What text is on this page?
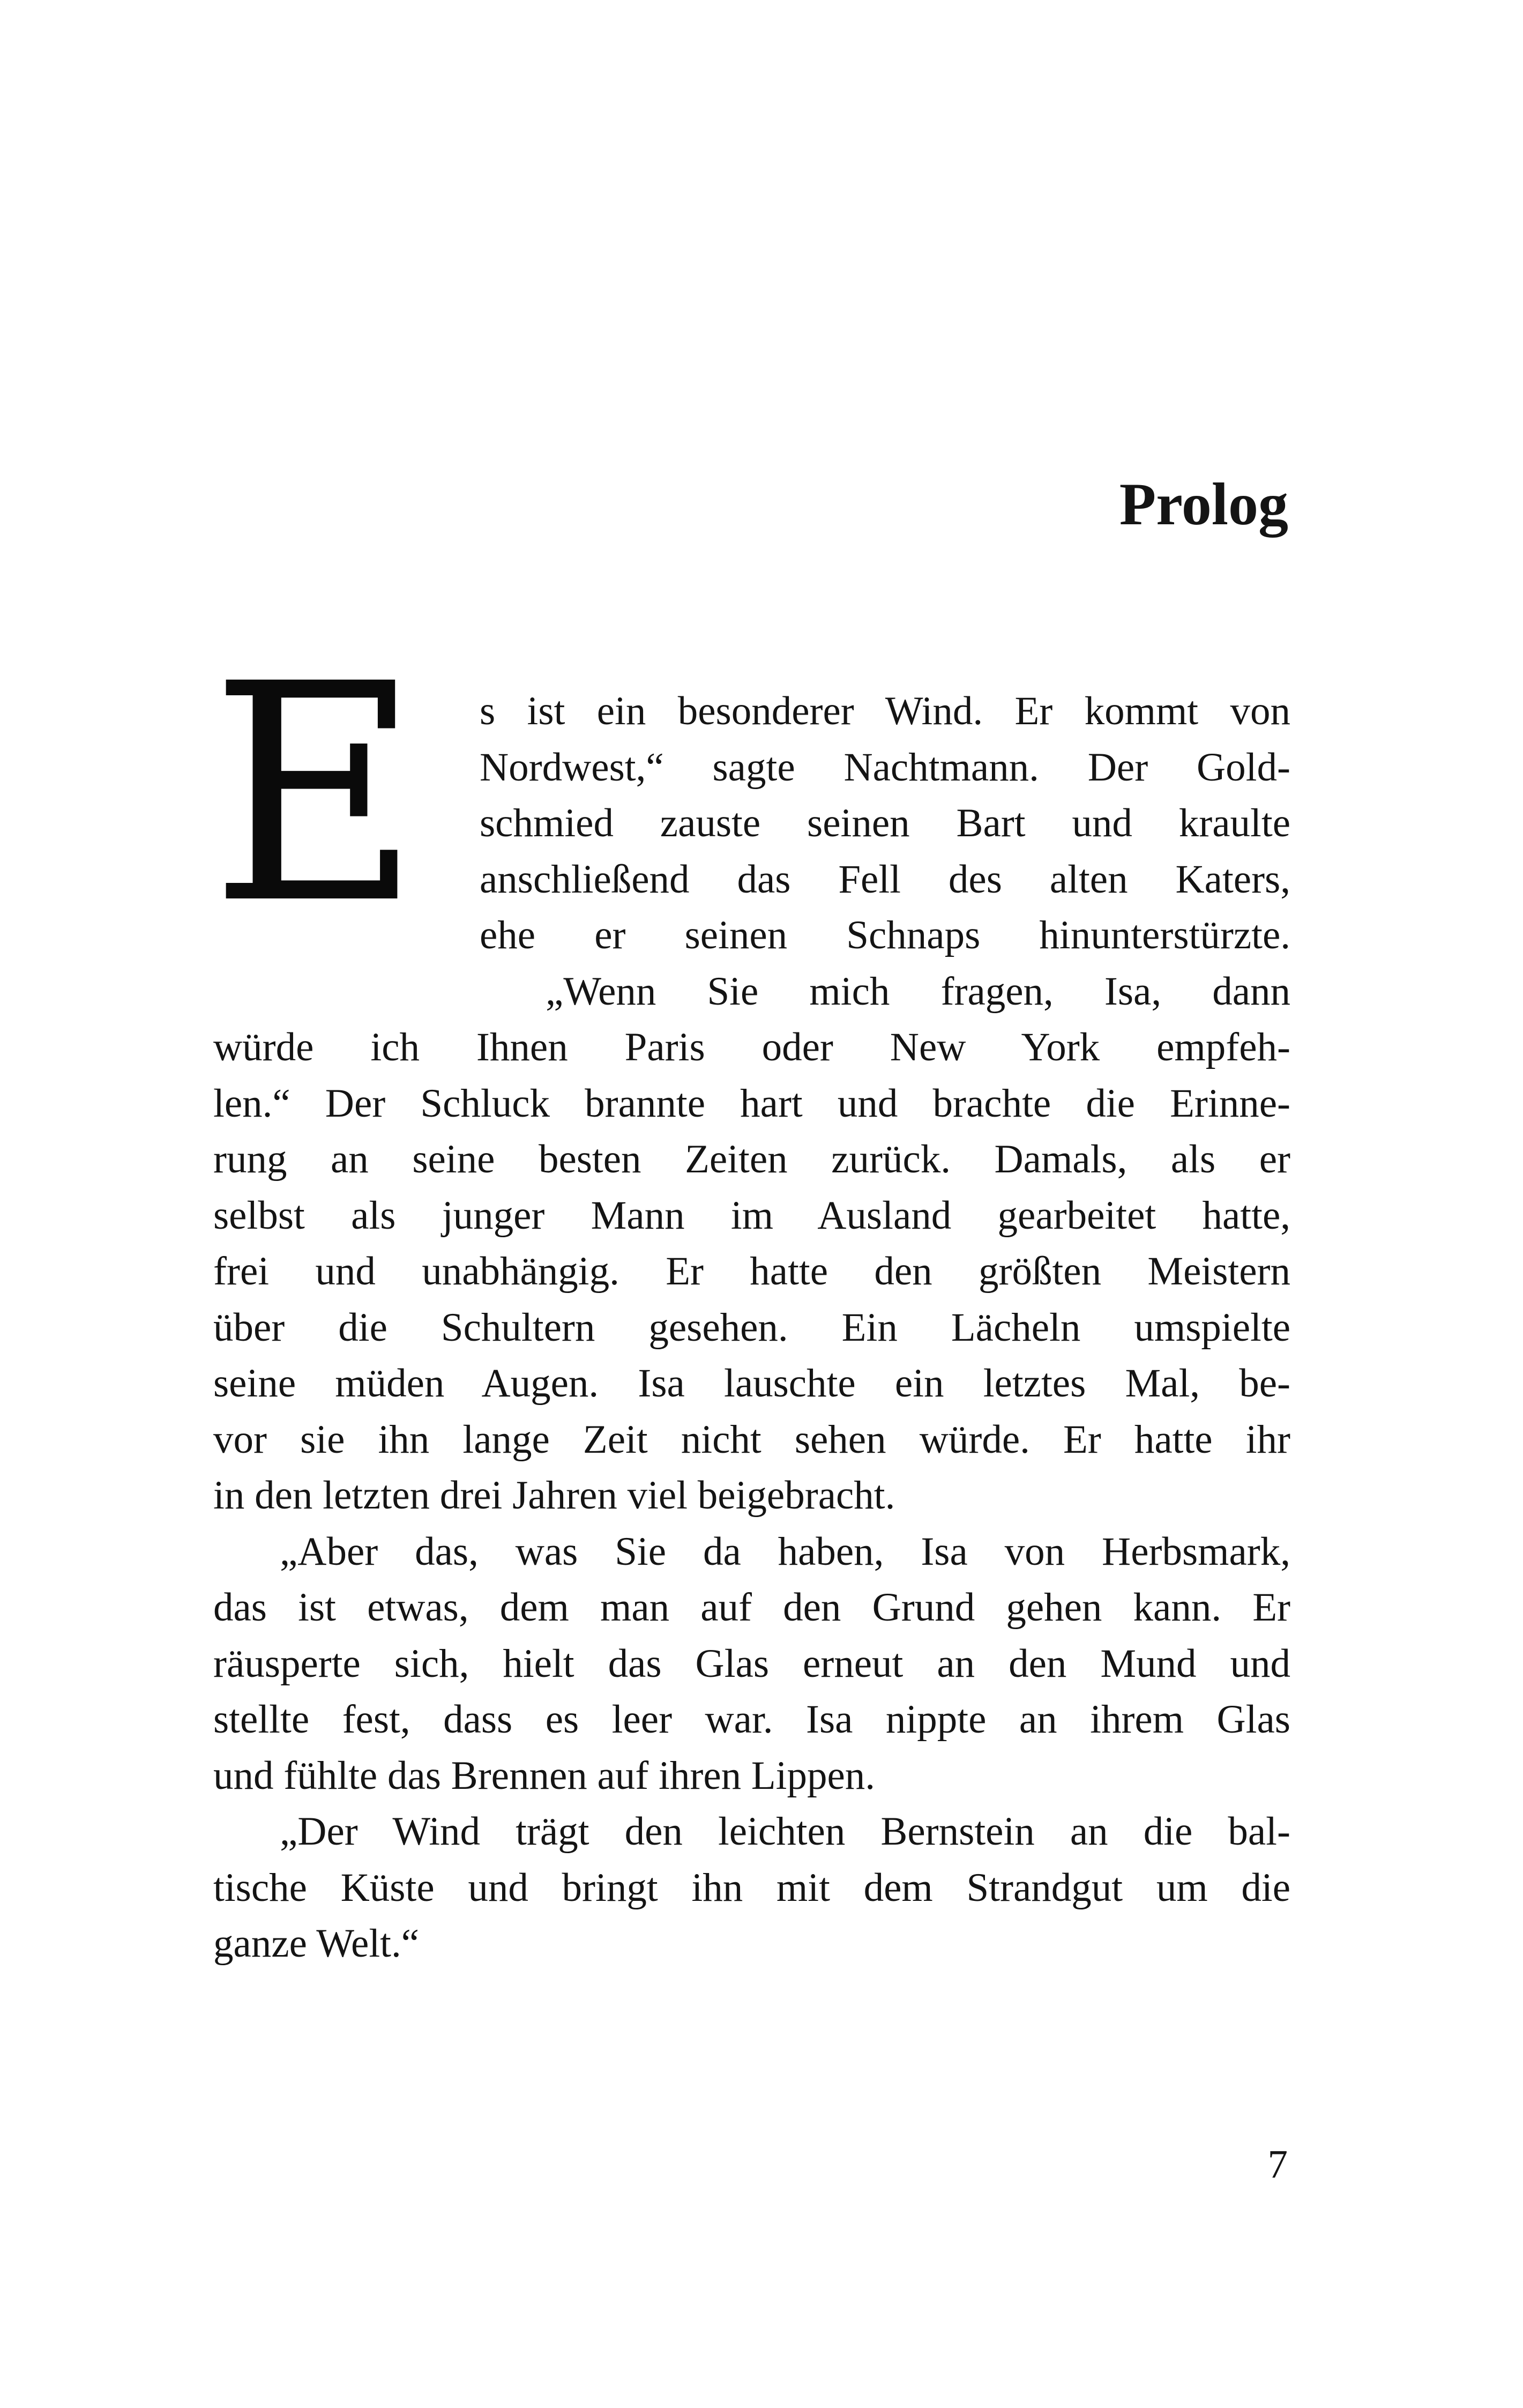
Prolog
E s ist ein besonderer Wind. Er kommt von
Nordwest,“ sagte Nachtmann. Der Gold-
schmied zauste seinen Bart und kraulte
anschließend das Fell des alten Katers,
ehe er seinen Schnaps hinunterstürzte.
„Wenn Sie mich fragen, Isa, dann
würde ich Ihnen Paris oder New York empfeh-
len.“ Der Schluck brannte hart und brachte die Erinne-
rung an seine besten Zeiten zurück. Damals, als er
selbst als junger Mann im Ausland gearbeitet hatte,
frei und unabhängig. Er hatte den größten Meistern
über die Schultern gesehen. Ein Lächeln umspielte
seine müden Augen. Isa lauschte ein letztes Mal, be-
vor sie ihn lange Zeit nicht sehen würde. Er hatte ihr
in den letzten drei Jahren viel beigebracht.
„Aber das, was Sie da haben, Isa von Herbsmark,
das ist etwas, dem man auf den Grund gehen kann. Er
räusperte sich, hielt das Glas erneut an den Mund und
stellte fest, dass es leer war. Isa nippte an ihrem Glas
und fühlte das Brennen auf ihren Lippen.
„Der Wind trägt den leichten Bernstein an die bal-
tische Küste und bringt ihn mit dem Strandgut um die
ganze Welt.“
7
